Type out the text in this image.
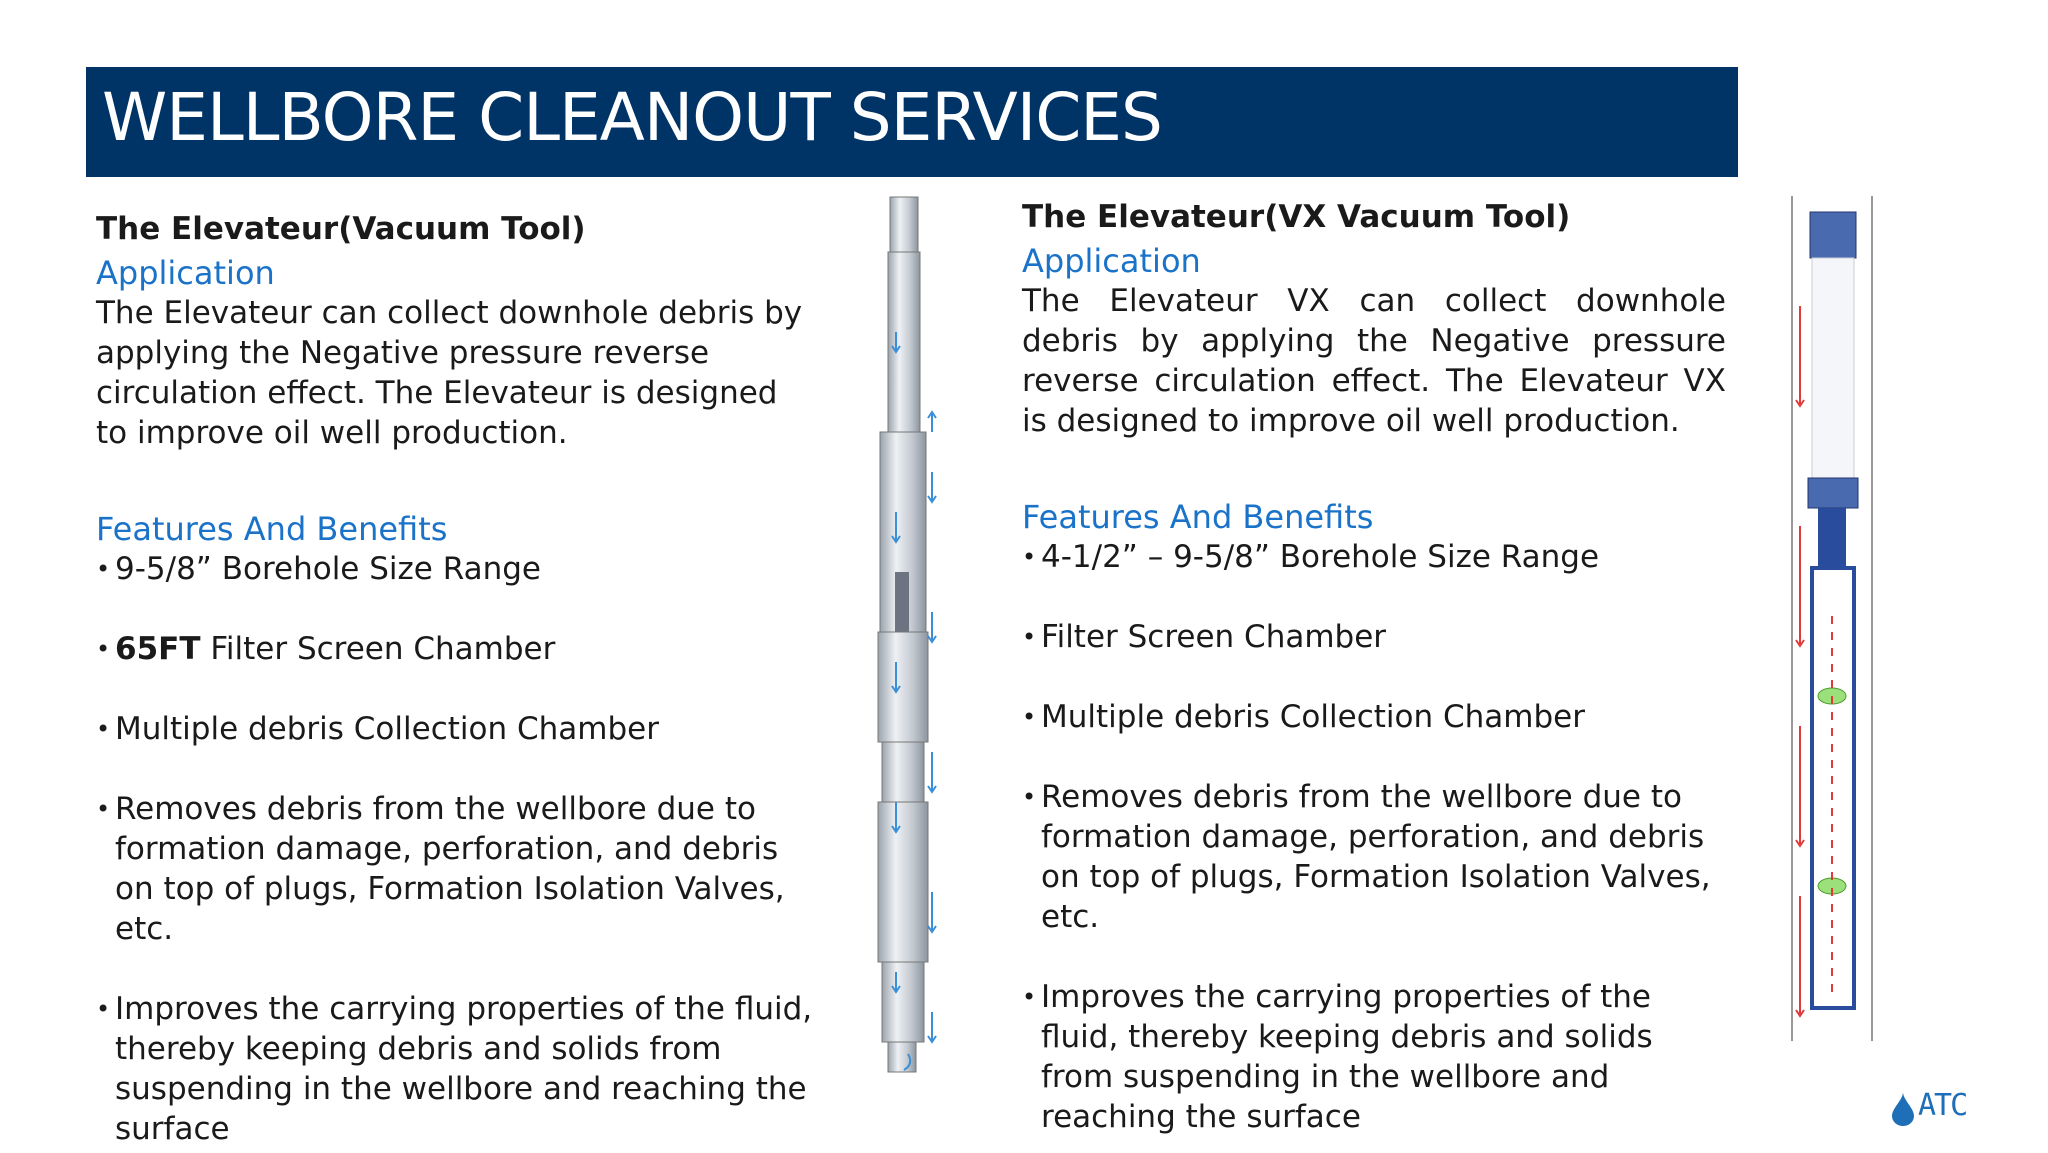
WELLBORE CLEANOUT SERVICES

The Elevateur(Vacuum Tool)

Application

The Elevateur can collect downhole debris by applying the Negative pressure reverse circulation effect. The Elevateur is designed to improve oil well production.

Features And Benefits

• 9-5/8” Borehole Size Range
• 65FT Filter Screen Chamber
• Multiple debris Collection Chamber
• Removes debris from the wellbore due to formation damage, perforation, and debris on top of plugs, Formation Isolation Valves, etc.
• Improves the carrying properties of the fluid, thereby keeping debris and solids from suspending in the wellbore and reaching the surface

The Elevateur(VX Vacuum Tool)

Application

The Elevateur VX can collect downhole debris by applying the Negative pressure reverse circulation effect. The Elevateur VX is designed to improve oil well production.

Features And Benefits

• 4-1/2” – 9-5/8” Borehole Size Range
• Filter Screen Chamber
• Multiple debris Collection Chamber
• Removes debris from the wellbore due to formation damage, perforation, and debris on top of plugs, Formation Isolation Valves, etc.
• Improves the carrying properties of the fluid, thereby keeping debris and solids from suspending in the wellbore and reaching the surface	ATC
